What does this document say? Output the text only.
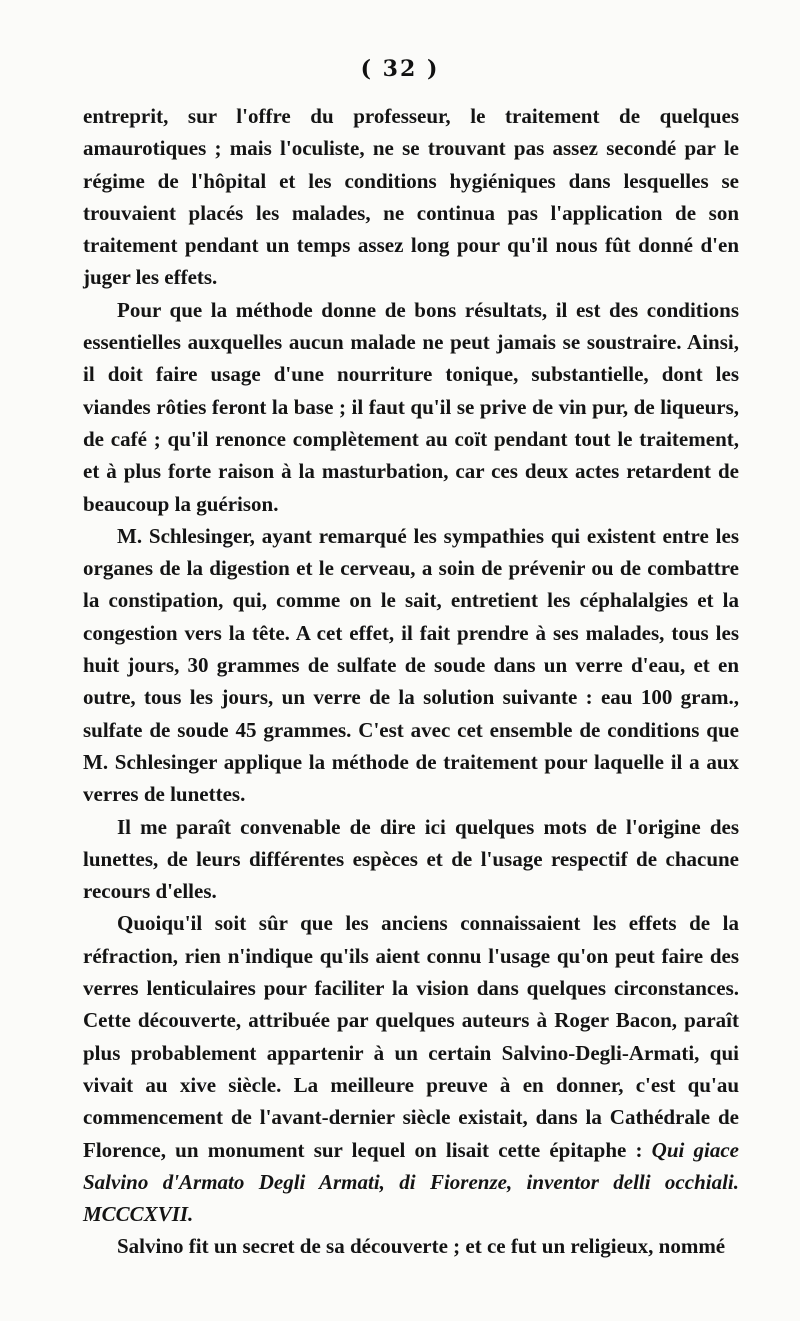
( 32 )

entreprit, sur l'offre du professeur, le traitement de quelques amaurotiques ; mais l'oculiste, ne se trouvant pas assez secondé par le régime de l'hôpital et les conditions hygiéniques dans lesquelles se trouvaient placés les malades, ne continua pas l'application de son traitement pendant un temps assez long pour qu'il nous fût donné d'en juger les effets.

Pour que la méthode donne de bons résultats, il est des conditions essentielles auxquelles aucun malade ne peut jamais se soustraire. Ainsi, il doit faire usage d'une nourriture tonique, substantielle, dont les viandes rôties feront la base ; il faut qu'il se prive de vin pur, de liqueurs, de café ; qu'il renonce complètement au coït pendant tout le traitement, et à plus forte raison à la masturbation, car ces deux actes retardent de beaucoup la guérison.

M. Schlesinger, ayant remarqué les sympathies qui existent entre les organes de la digestion et le cerveau, a soin de prévenir ou de combattre la constipation, qui, comme on le sait, entretient les céphalalgies et la congestion vers la tête. A cet effet, il fait prendre à ses malades, tous les huit jours, 30 grammes de sulfate de soude dans un verre d'eau, et en outre, tous les jours, un verre de la solution suivante : eau 100 gram., sulfate de soude 45 grammes. C'est avec cet ensemble de conditions que M. Schlesinger applique la méthode de traitement pour laquelle il a aux verres de lunettes.

Il me paraît convenable de dire ici quelques mots de l'origine des lunettes, de leurs différentes espèces et de l'usage respectif de chacune recours d'elles.

Quoiqu'il soit sûr que les anciens connaissaient les effets de la réfraction, rien n'indique qu'ils aient connu l'usage qu'on peut faire des verres lenticulaires pour faciliter la vision dans quelques circonstances. Cette découverte, attribuée par quelques auteurs à Roger Bacon, paraît plus probablement appartenir à un certain Salvino-Degli-Armati, qui vivait au xive siècle. La meilleure preuve à en donner, c'est qu'au commencement de l'avant-dernier siècle existait, dans la Cathédrale de Florence, un monument sur lequel on lisait cette épitaphe : Qui giace Salvino d'Armato Degli Armati, di Fiorenze, inventor delli occhiali. MCCCXVII.

Salvino fit un secret de sa découverte ; et ce fut un religieux, nommé
